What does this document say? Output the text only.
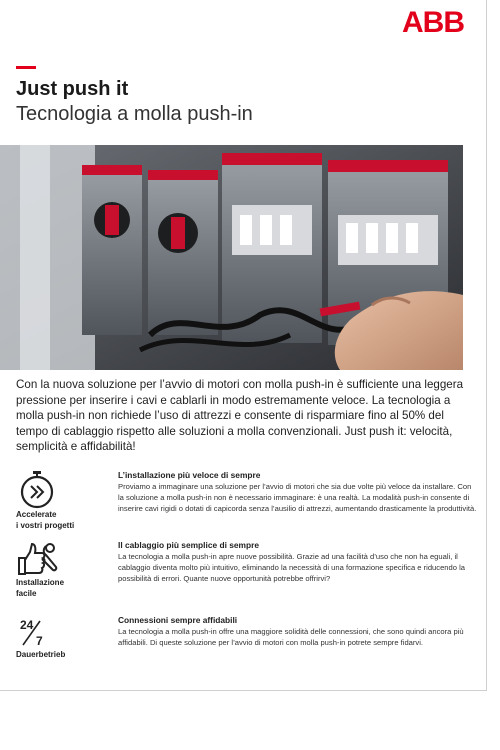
ABB
Just push it
Tecnologia a molla push-in

Con la nuova soluzione per l’avvio di motori con molla push-in è sufficiente una leggera pressione per inserire i cavi e cablarli in modo estremamente veloce. La tecnologia a molla push-in non richiede l’uso di attrezzi e consente di risparmiare fino al 50% del tempo di cablaggio rispetto alle soluzioni a molla convenzionali. Just push it: velocità, semplicità e affidabilità!

Accelerate
i vostri progetti

L’installazione più veloce di sempre

Proviamo a immaginare una soluzione per l’avvio di motori che sia due volte più veloce da installare. Con la soluzione a molla push-in non è necessario immaginare: è una realtà. La modalità push-in consente di inserire cavi rigidi o dotati di capicorda senza l’ausilio di attrezzi, aumentando drasticamente la produttività.

Installazione
facile

Il cablaggio più semplice di sempre

La tecnologia a molla push-in apre nuove possibilità. Grazie ad una facilità d’uso che non ha eguali, il cablaggio diventa molto più intuitivo, eliminando la necessità di una formazione specifica e riducendo la possibilità di errori. Quante nuove opportunità potrebbe offrirvi?

24
7
Dauerbetrieb

Connessioni sempre affidabili

La tecnologia a molla push-in offre una maggiore solidità delle connessioni, che sono quindi ancora più affidabili. Di queste soluzione per l’avvio di motori con molla push-in potrete sempre fidarvi.
